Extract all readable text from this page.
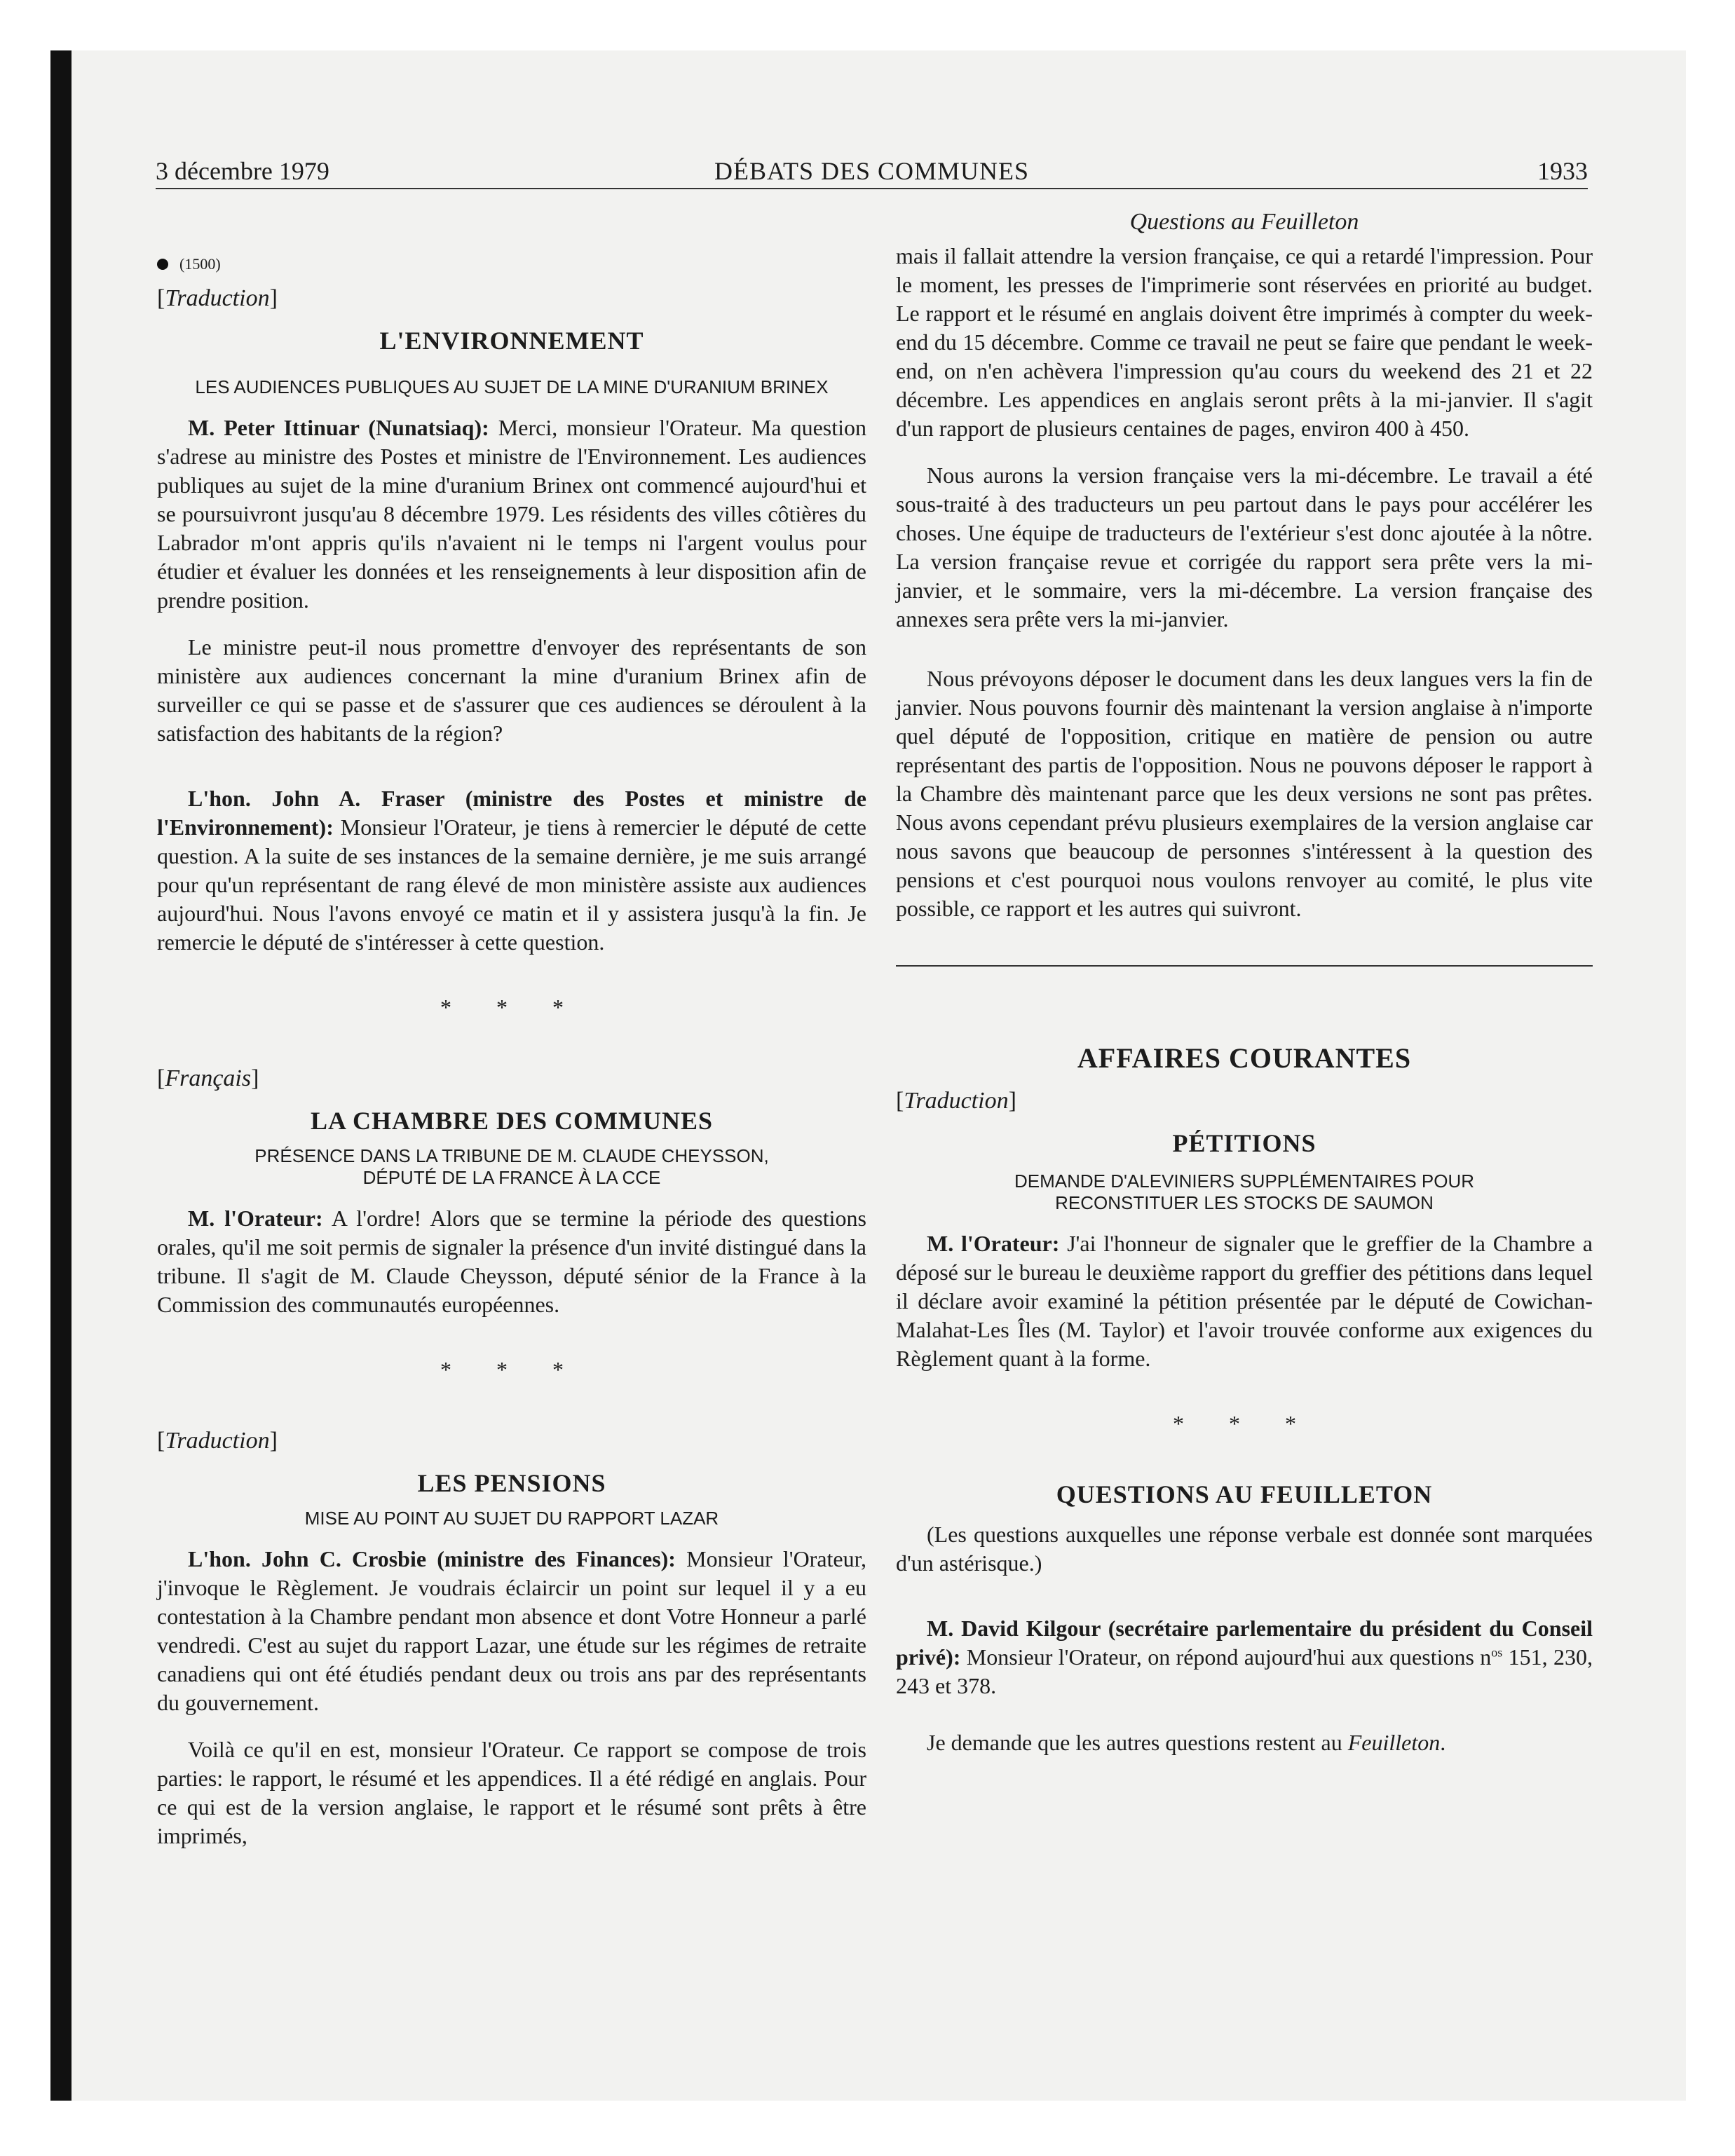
3 décembre 1979	DÉBATS DES COMMUNES	1933
(1500)
[Traduction]
L'ENVIRONNEMENT
LES AUDIENCES PUBLIQUES AU SUJET DE LA MINE D'URANIUM BRINEX

M. Peter Ittinuar (Nunatsiaq): Merci, monsieur l'Orateur. Ma question s'adrese au ministre des Postes et ministre de l'Environnement. Les audiences publiques au sujet de la mine d'uranium Brinex ont commencé aujourd'hui et se poursuivront jusqu'au 8 décembre 1979. Les résidents des villes côtières du Labrador m'ont appris qu'ils n'avaient ni le temps ni l'argent voulus pour étudier et évaluer les données et les renseignements à leur disposition afin de prendre position.

Le ministre peut-il nous promettre d'envoyer des représentants de son ministère aux audiences concernant la mine d'uranium Brinex afin de surveiller ce qui se passe et de s'assurer que ces audiences se déroulent à la satisfaction des habitants de la région?

L'hon. John A. Fraser (ministre des Postes et ministre de l'Environnement): Monsieur l'Orateur, je tiens à remercier le député de cette question. A la suite de ses instances de la semaine dernière, je me suis arrangé pour qu'un représentant de rang élevé de mon ministère assiste aux audiences aujourd'hui. Nous l'avons envoyé ce matin et il y assistera jusqu'à la fin. Je remercie le député de s'intéresser à cette question.

* * *
[Français]
LA CHAMBRE DES COMMUNES
PRÉSENCE DANS LA TRIBUNE DE M. CLAUDE CHEYSSON, DÉPUTÉ DE LA FRANCE À LA CCE

M. l'Orateur: A l'ordre! Alors que se termine la période des questions orales, qu'il me soit permis de signaler la présence d'un invité distingué dans la tribune. Il s'agit de M. Claude Cheysson, député sénior de la France à la Commission des communautés européennes.

* * *
[Traduction]
LES PENSIONS
MISE AU POINT AU SUJET DU RAPPORT LAZAR

L'hon. John C. Crosbie (ministre des Finances): Monsieur l'Orateur, j'invoque le Règlement. Je voudrais éclaircir un point sur lequel il y a eu contestation à la Chambre pendant mon absence et dont Votre Honneur a parlé vendredi. C'est au sujet du rapport Lazar, une étude sur les régimes de retraite canadiens qui ont été étudiés pendant deux ou trois ans par des représentants du gouvernement.

Voilà ce qu'il en est, monsieur l'Orateur. Ce rapport se compose de trois parties: le rapport, le résumé et les appendices. Il a été rédigé en anglais. Pour ce qui est de la version anglaise, le rapport et le résumé sont prêts à être imprimés,

Questions au Feuilleton

mais il fallait attendre la version française, ce qui a retardé l'impression. Pour le moment, les presses de l'imprimerie sont réservées en priorité au budget. Le rapport et le résumé en anglais doivent être imprimés à compter du week-end du 15 décembre. Comme ce travail ne peut se faire que pendant le week-end, on n'en achèvera l'impression qu'au cours du weekend des 21 et 22 décembre. Les appendices en anglais seront prêts à la mi-janvier. Il s'agit d'un rapport de plusieurs centaines de pages, environ 400 à 450.

Nous aurons la version française vers la mi-décembre. Le travail a été sous-traité à des traducteurs un peu partout dans le pays pour accélérer les choses. Une équipe de traducteurs de l'extérieur s'est donc ajoutée à la nôtre. La version française revue et corrigée du rapport sera prête vers la mi-janvier, et le sommaire, vers la mi-décembre. La version française des annexes sera prête vers la mi-janvier.

Nous prévoyons déposer le document dans les deux langues vers la fin de janvier. Nous pouvons fournir dès maintenant la version anglaise à n'importe quel député de l'opposition, critique en matière de pension ou autre représentant des partis de l'opposition. Nous ne pouvons déposer le rapport à la Chambre dès maintenant parce que les deux versions ne sont pas prêtes. Nous avons cependant prévu plusieurs exemplaires de la version anglaise car nous savons que beaucoup de personnes s'intéressent à la question des pensions et c'est pourquoi nous voulons renvoyer au comité, le plus vite possible, ce rapport et les autres qui suivront.

AFFAIRES COURANTES
[Traduction]
PÉTITIONS
DEMANDE D'ALEVINIERS SUPPLÉMENTAIRES POUR RECONSTITUER LES STOCKS DE SAUMON

M. l'Orateur: J'ai l'honneur de signaler que le greffier de la Chambre a déposé sur le bureau le deuxième rapport du greffier des pétitions dans lequel il déclare avoir examiné la pétition présentée par le député de Cowichan-Malahat-Les Îles (M. Taylor) et l'avoir trouvée conforme aux exigences du Règlement quant à la forme.

* * *
QUESTIONS AU FEUILLETON

(Les questions auxquelles une réponse verbale est donnée sont marquées d'un astérisque.)

M. David Kilgour (secrétaire parlementaire du président du Conseil privé): Monsieur l'Orateur, on répond aujourd'hui aux questions $n^{os}$ 151, 230, 243 et 378.

Je demande que les autres questions restent au Feuilleton.
